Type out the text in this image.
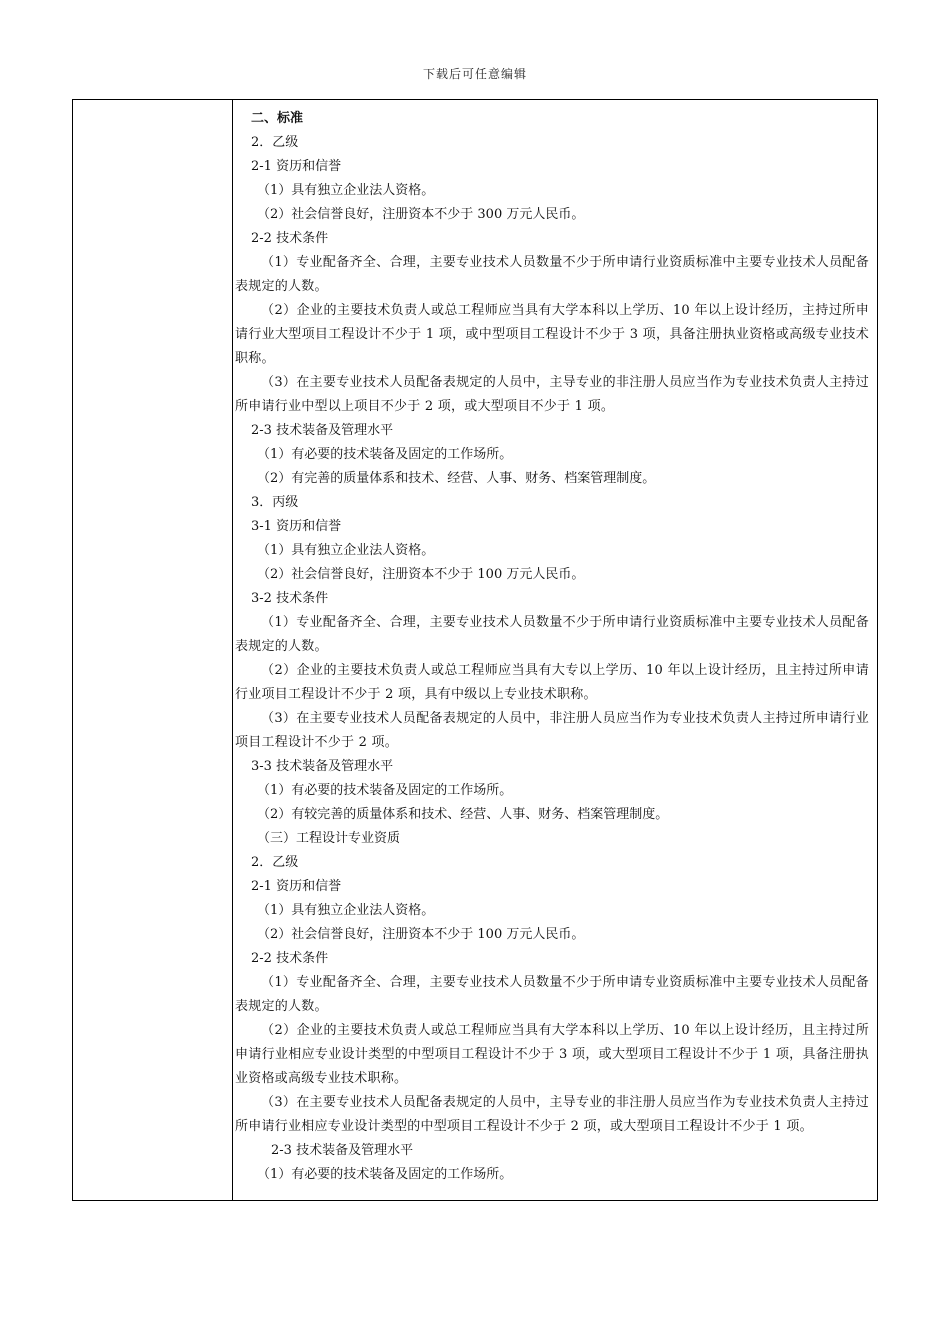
下载后可任意编辑

二、标准

2．乙级

2-1 资历和信誉

（1）具有独立企业法人资格。

（2）社会信誉良好，注册资本不少于 300 万元人民币。

2-2 技术条件

（1）专业配备齐全、合理，主要专业技术人员数量不少于所申请行业资质标准中主要专业技术人员配备表规定的人数。

（2）企业的主要技术负责人或总工程师应当具有大学本科以上学历、10 年以上设计经历，主持过所申请行业大型项目工程设计不少于 1 项，或中型项目工程设计不少于 3 项，具备注册执业资格或高级专业技术职称。

（3）在主要专业技术人员配备表规定的人员中，主导专业的非注册人员应当作为专业技术负责人主持过所申请行业中型以上项目不少于 2 项，或大型项目不少于 1 项。

2-3 技术装备及管理水平

（1）有必要的技术装备及固定的工作场所。

（2）有完善的质量体系和技术、经营、人事、财务、档案管理制度。

3．丙级

3-1 资历和信誉

（1）具有独立企业法人资格。

（2）社会信誉良好，注册资本不少于 100 万元人民币。

3-2 技术条件

（1）专业配备齐全、合理，主要专业技术人员数量不少于所申请行业资质标准中主要专业技术人员配备表规定的人数。

（2）企业的主要技术负责人或总工程师应当具有大专以上学历、10 年以上设计经历，且主持过所申请行业项目工程设计不少于 2 项，具有中级以上专业技术职称。

（3）在主要专业技术人员配备表规定的人员中，非注册人员应当作为专业技术负责人主持过所申请行业项目工程设计不少于 2 项。

3-3 技术装备及管理水平

（1）有必要的技术装备及固定的工作场所。

（2）有较完善的质量体系和技术、经营、人事、财务、档案管理制度。

（三）工程设计专业资质

2．乙级

2-1 资历和信誉

（1）具有独立企业法人资格。

（2）社会信誉良好，注册资本不少于 100 万元人民币。

2-2 技术条件

（1）专业配备齐全、合理，主要专业技术人员数量不少于所申请专业资质标准中主要专业技术人员配备表规定的人数。

（2）企业的主要技术负责人或总工程师应当具有大学本科以上学历、10 年以上设计经历，且主持过所申请行业相应专业设计类型的中型项目工程设计不少于 3 项，或大型项目工程设计不少于 1 项，具备注册执业资格或高级专业技术职称。

（3）在主要专业技术人员配备表规定的人员中，主导专业的非注册人员应当作为专业技术负责人主持过所申请行业相应专业设计类型的中型项目工程设计不少于 2 项，或大型项目工程设计不少于 1 项。

2-3 技术装备及管理水平

（1）有必要的技术装备及固定的工作场所。
